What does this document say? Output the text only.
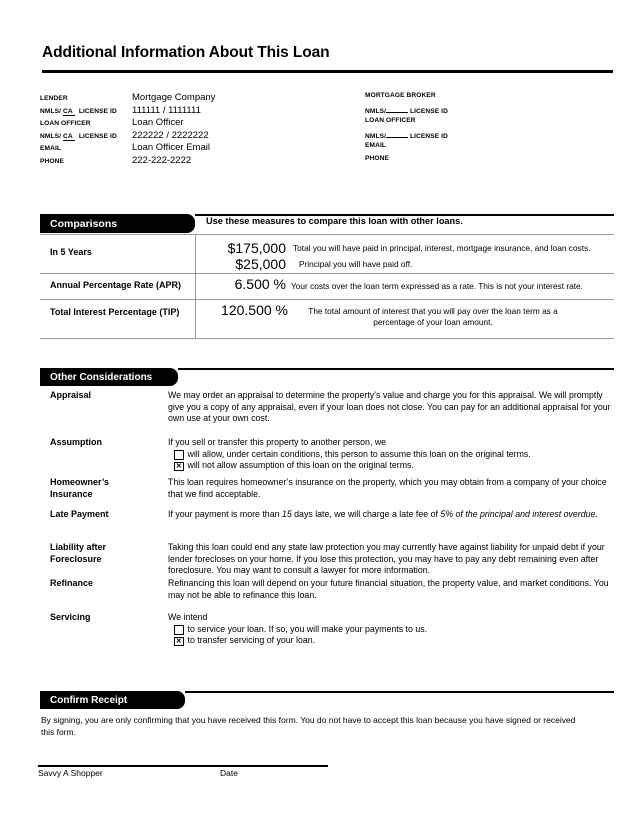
Additional Information About This Loan
LENDER	Mortgage Company
NMLS/ CA  LICENSE ID	111111 / 1111111
LOAN OFFICER	Loan Officer
NMLS/ CA  LICENSE ID	222222 / 2222222
EMAIL	Loan Officer Email
PHONE	222-222-2222
MORTGAGE BROKER
NMLS/	LICENSE ID
LOAN OFFICER
NMLS/	LICENSE ID
EMAIL
PHONE
Comparisons	Use these measures to compare this loan with other loans.
In 5 Years	$175,000 Total you will have paid in principal, interest, mortgage insurance, and loan costs.
$25,000 Principal you will have paid off.
Annual Percentage Rate (APR)	6.500 % Your costs over the loan term expressed as a rate. This is not your interest rate.
Total Interest Percentage (TIP)	120.500 %	The total amount of interest that you will pay over the loan term as a percentage of your loan amount.
Other Considerations
Appraisal	We may order an appraisal to determine the property’s value and charge you for this appraisal. We will promptly give you a copy of any appraisal, even if your loan does not close. You can pay for an additional appraisal for your own use at your own cost.
Assumption	If you sell or transfer this property to another person, we
will allow, under certain conditions, this person to assume this loan on the original terms.
✕
will not allow assumption of this loan on the original terms.
Homeowner’s
Insurance
This loan requires homeowner’s insurance on the property, which you may obtain from a company of your choice that we find acceptable.
Late Payment	If your payment is more than 15 days late, we will charge a late fee of 5% of the principal and interest overdue.
Liability after
Foreclosure
Taking this loan could end any state law protection you may currently have against liability for unpaid debt if your lender forecloses on your home. If you lose this protection, you may have to pay any debt remaining even after foreclosure. You may want to consult a lawyer for more information.
Refinance	Refinancing this loan will depend on your future financial situation, the property value, and market conditions. You may not be able to refinance this loan.
Servicing	We intend
to service your loan. If so, you will make your payments to us.
✕
to transfer servicing of your loan.
Confirm Receipt
By signing, you are only confirming that you have received this form. You do not have to accept this loan because you have signed or received this form.
Savvy A Shopper	Date
